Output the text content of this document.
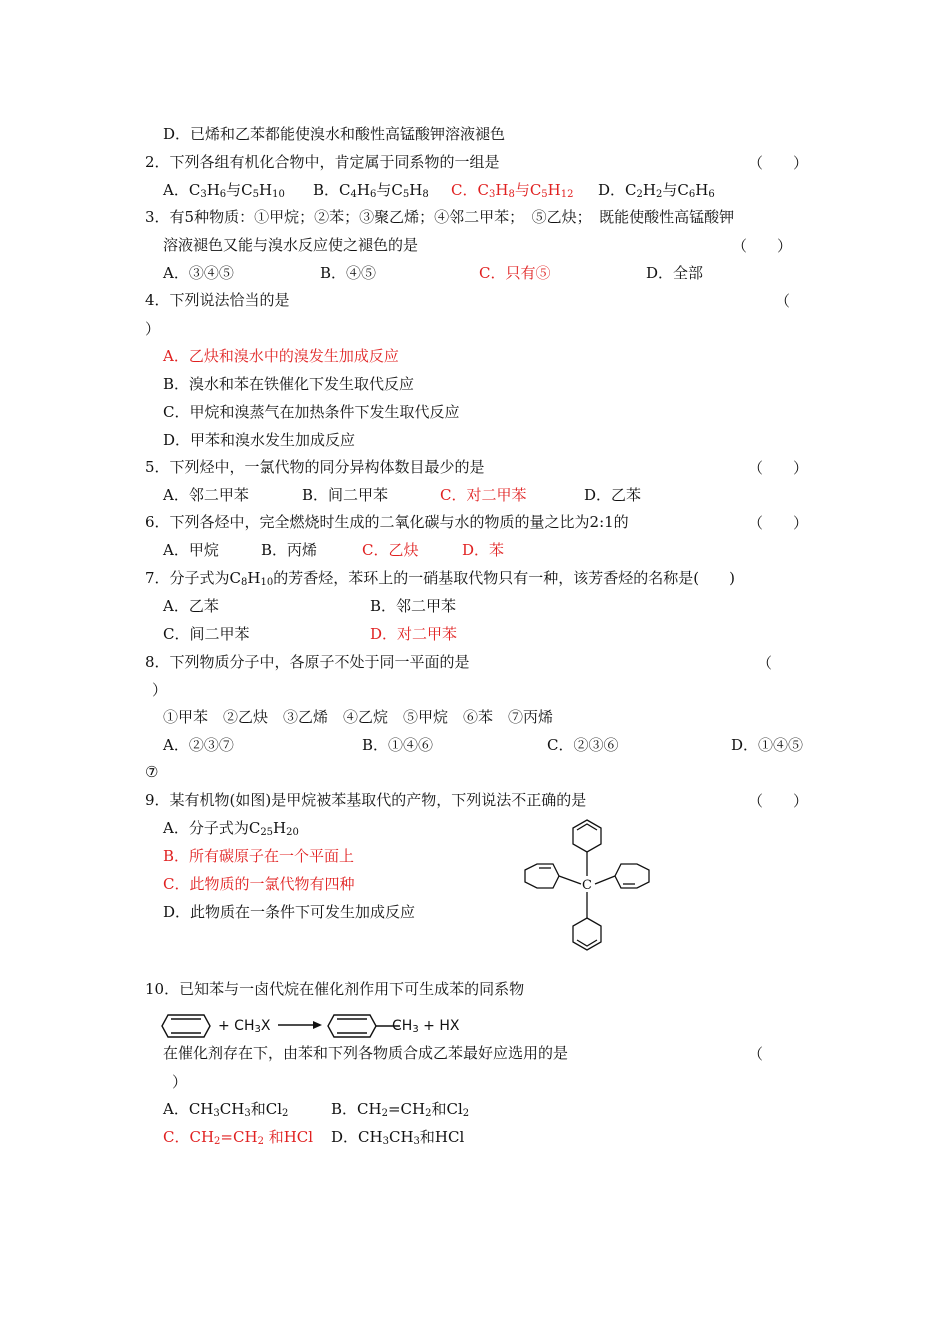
D．已烯和乙苯都能使溴水和酸性高锰酸钾溶液褪色
2．下列各组有机化合物中，肯定属于同系物的一组是	（　　）
A．$C_3H_6$与$C_5H_{10}$ B．$C_4H_6$与$C_5H_8$ C．$C_3H_8$与$C_5H_{12}$ D．$C_2H_2$与$C_6H_6$
3．有5种物质：①甲烷；②苯；③聚乙烯；④邻二甲苯；　⑤乙炔；　既能使酸性高锰酸钾
溶液褪色又能与溴水反应使之褪色的是	（　　）
A．③④⑤	B．④⑤	C．只有⑤	D．全部
4．下列说法恰当的是	（
）
A．乙炔和溴水中的溴发生加成反应
B．溴水和苯在铁催化下发生取代反应
C．甲烷和溴蒸气在加热条件下发生取代反应
D．甲苯和溴水发生加成反应
5．下列烃中，一氯代物的同分异构体数目最少的是	（　　）
A．邻二甲苯	B．间二甲苯	C．对二甲苯	D．乙苯
6．下列各烃中，完全燃烧时生成的二氧化碳与水的物质的量之比为2:1的	（　　）
A．甲烷	B．丙烯	C．乙炔	D．苯
7．分子式为$C_8H_{10}$的芳香烃，苯环上的一硝基取代物只有一种，该芳香烃的名称是(　　)
A．乙苯	B．邻二甲苯
C．间二甲苯	D．对二甲苯
8．下列物质分子中，各原子不处于同一平面的是	（
）
①甲苯　②乙炔　③乙烯　④乙烷　⑤甲烷　⑥苯　⑦丙烯
A．②③⑦	B．①④⑥	C．②③⑥	D．①④⑤
⑦
9．某有机物(如图)是甲烷被苯基取代的产物，下列说法不正确的是	（　　）
A．分子式为$C_{25}H_{20}$
B．所有碳原子在一个平面上
C．此物质的一氯代物有四种
D．此物质在一条件下可发生加成反应
C
10．已知苯与一卤代烷在催化剂作用下可生成苯的同系物
+ $CH_3X$ →	$CH_3$ + HX
在催化剂存在下，由苯和下列各物质合成乙苯最好应选用的是	（
）
A．$CH_3CH_3$和$Cl_2$	B．$CH_2=CH_2$和$Cl_2$
C．$CH_2=CH_2$ 和HCl D．$CH_3CH_3$和HCl
